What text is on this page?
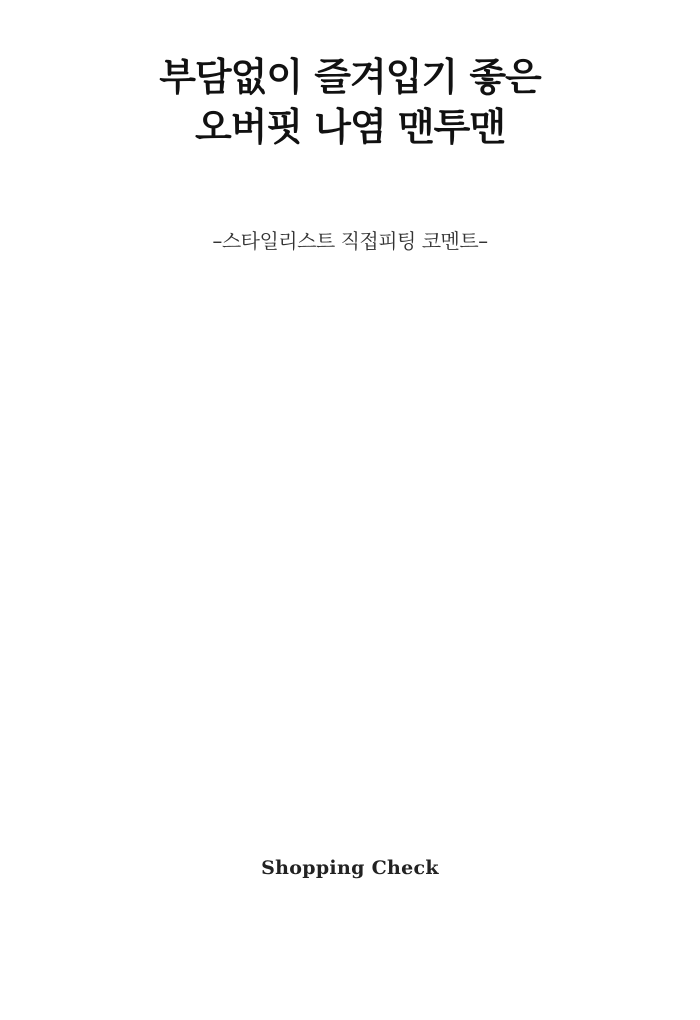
부담없이 즐겨입기 좋은
오버핏 나염 맨투맨
–스타일리스트 직접피팅 코멘트–
Shopping Check
